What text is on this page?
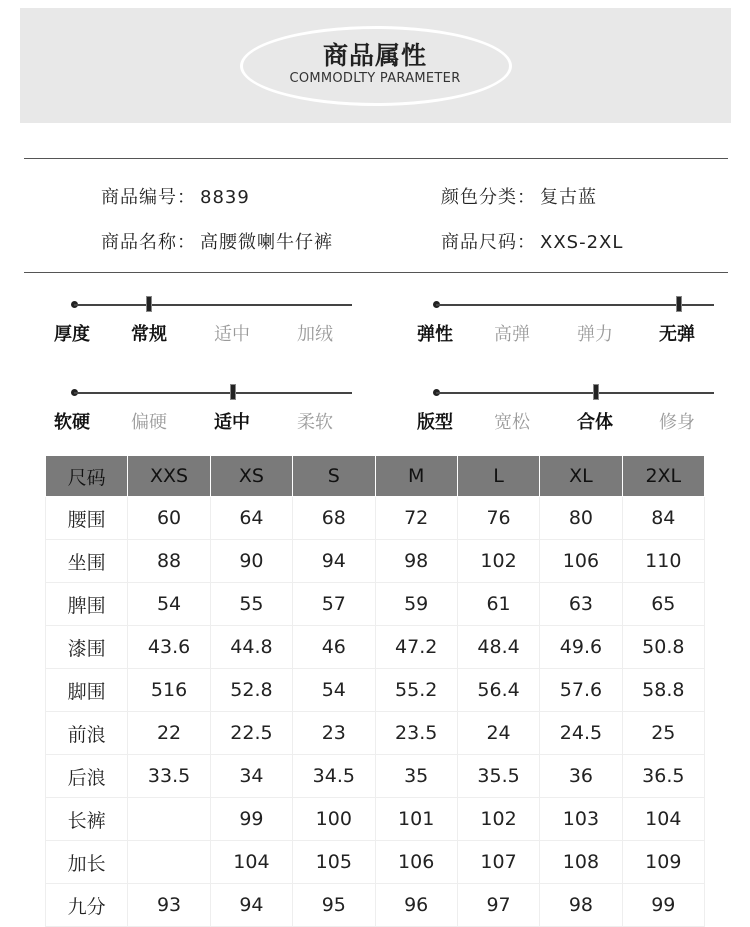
商品属性
COMMODLTY PARAMETER
商品编号： 8839	颜色分类： 复古蓝
商品名称： 高腰微喇牛仔裤	商品尺码： XXS-2XL
厚度 常规	适中	加绒	弹性 高弹	弹力	无弹
软硬 偏硬	适中	柔软	版型 宽松	合体	修身
尺码	XXS	XS	S	M	L	XL	2XL
腰围	60	64	68	72	76	80	84
坐围	88	90	94	98	102	106	110
脾围	54	55	57	59	61	63	65
漆围	43.6	44.8	46	47.2	48.4	49.6	50.8
脚围	516	52.8	54	55.2	56.4	57.6	58.8
前浪	22	22.5	23	23.5	24	24.5	25
后浪	33.5	34	34.5	35	35.5	36	36.5
长裤		99	100	101	102	103	104
加长		104	105	106	107	108	109
九分	93	94	95	96	97	98	99
